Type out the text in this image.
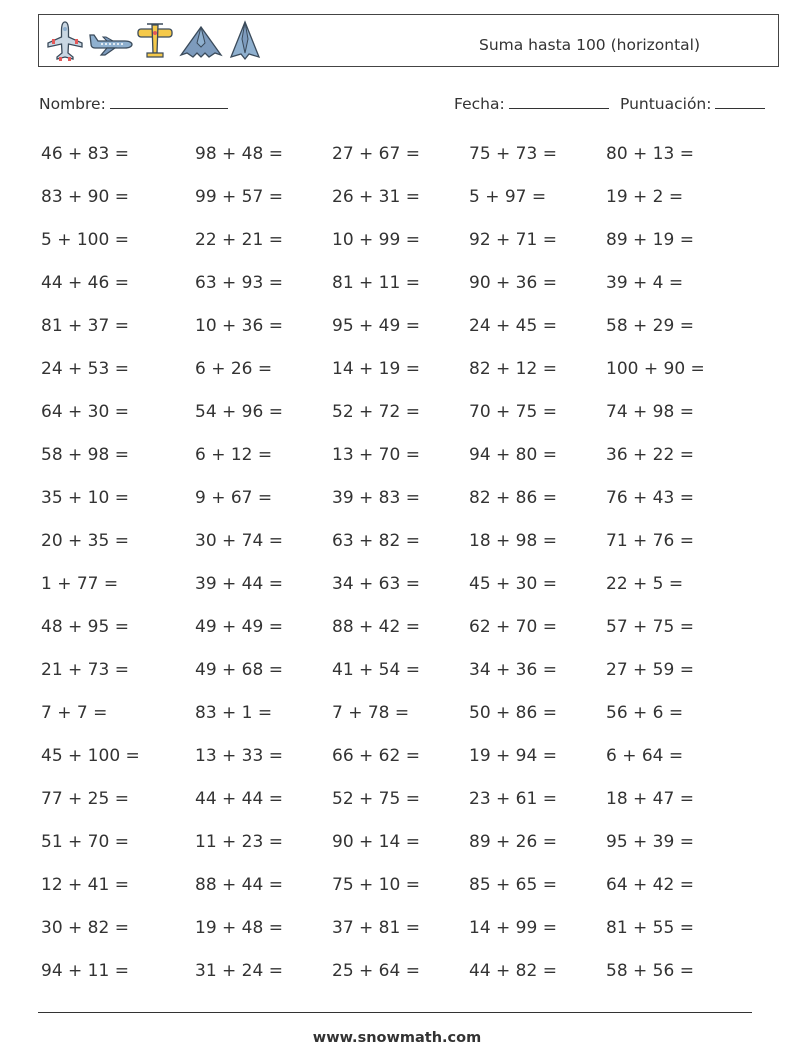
Suma hasta 100 (horizontal)
Nombre:	Fecha:	Puntuación:
46 + 83 =	98 + 48 =	27 + 67 =	75 + 73 =	80 + 13 =
83 + 90 =	99 + 57 =	26 + 31 =	5 + 97 =	19 + 2 =
5 + 100 =	22 + 21 =	10 + 99 =	92 + 71 =	89 + 19 =
44 + 46 =	63 + 93 =	81 + 11 =	90 + 36 =	39 + 4 =
81 + 37 =	10 + 36 =	95 + 49 =	24 + 45 =	58 + 29 =
24 + 53 =	6 + 26 =	14 + 19 =	82 + 12 =	100 + 90 =
64 + 30 =	54 + 96 =	52 + 72 =	70 + 75 =	74 + 98 =
58 + 98 =	6 + 12 =	13 + 70 =	94 + 80 =	36 + 22 =
35 + 10 =	9 + 67 =	39 + 83 =	82 + 86 =	76 + 43 =
20 + 35 =	30 + 74 =	63 + 82 =	18 + 98 =	71 + 76 =
1 + 77 =	39 + 44 =	34 + 63 =	45 + 30 =	22 + 5 =
48 + 95 =	49 + 49 =	88 + 42 =	62 + 70 =	57 + 75 =
21 + 73 =	49 + 68 =	41 + 54 =	34 + 36 =	27 + 59 =
7 + 7 =	83 + 1 =	7 + 78 =	50 + 86 =	56 + 6 =
45 + 100 =	13 + 33 =	66 + 62 =	19 + 94 =	6 + 64 =
77 + 25 =	44 + 44 =	52 + 75 =	23 + 61 =	18 + 47 =
51 + 70 =	11 + 23 =	90 + 14 =	89 + 26 =	95 + 39 =
12 + 41 =	88 + 44 =	75 + 10 =	85 + 65 =	64 + 42 =
30 + 82 =	19 + 48 =	37 + 81 =	14 + 99 =	81 + 55 =
94 + 11 =	31 + 24 =	25 + 64 =	44 + 82 =	58 + 56 =
www.snowmath.com
